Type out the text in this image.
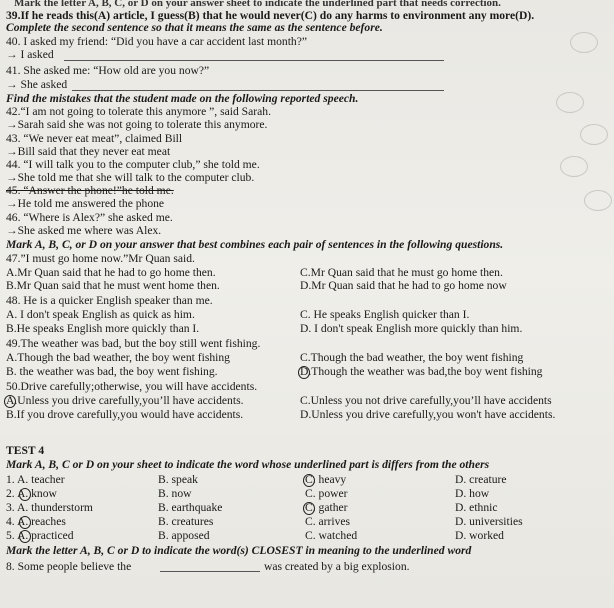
Mark the letter A, B, C, or D on your answer sheet to indicate the underlined part that needs correction.
39.If he reads this(A) article, I guess(B) that he would never(C) do any harms to environment any more(D).
Complete the second sentence so that it means the same as the sentence before.
40. I asked my friend: “Did you have a car accident last month?”
→ I asked
41. She asked me: “How old are you now?”
→ She asked
Find the mistakes that the student made on the following reported speech.
42.“I am not going to tolerate this anymore ”, said Sarah.
→Sarah said she was not going to tolerate this anymore.
43. “We never eat meat”, claimed Bill
→Bill said that they never eat meat
44. “I will talk you to the computer club,” she told me.
→She told me that she will talk to the computer club.
45. “Answer the phone!”he told me.
→He told me answered the phone
46. “Where is Alex?” she asked me.
→She asked me where was Alex.
Mark A, B, C, or D on your answer that best combines each pair of sentences in the following questions.
47.”I must go home now.”Mr Quan said.
A.Mr Quan said that he had to go home then.	C.Mr Quan said that he must go home then.
B.Mr Quan said that he must went home then.	D.Mr Quan said that he had to go home now
48. He is a quicker English speaker than me.
A. I don't speak English as quick as him.	C. He speaks English quicker than I.
B.He speaks English more quickly than I.	D. I don't speak English more quickly than him.
49.The weather was bad, but the boy still went fishing.
A.Though the bad weather, the boy went fishing	C.Though the bad weather, the boy went fishing
B. the weather was bad, the boy went fishing.	D.Though the weather was bad,the boy went fishing
50.Drive carefully;otherwise, you will have accidents.
A.Unless you drive carefully,you’ll have accidents.	C.Unless you not drive carefully,you’ll have accidents
B.If you drove carefully,you would have accidents.	D.Unless you drive carefully,you won't have accidents.
TEST 4
Mark A, B, C or D on your sheet to indicate the word whose underlined part is differs from the others
1. A. teacher	B. speak	C. heavy	D. creature
2. A. know	B. now	C. power	D. how
3. A. thunderstorm	B. earthquake	C. gather	D. ethnic
4. A. reaches	B. creatures	C. arrives	D. universities
5. A. practiced	B. apposed	C. watched	D. worked
Mark the letter A, B, C or D to indicate the word(s) CLOSEST in meaning to the underlined word
8. Some people believe the	was created by a big explosion.
